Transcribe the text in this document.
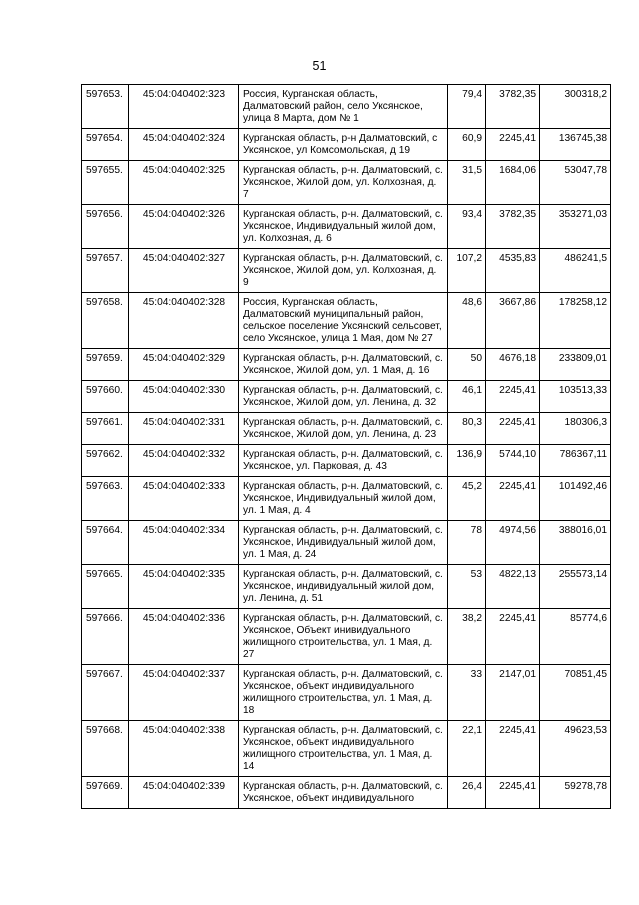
51
597653.	45:04:040402:323	Россия, Курганская область, Далматовский район, село Уксянское, улица 8 Марта, дом № 1	79,4	3782,35	300318,2
597654.	45:04:040402:324	Курганская область, р-н Далматовский, с Уксянское, ул Комсомольская, д 19	60,9	2245,41	136745,38
597655.	45:04:040402:325	Курганская область, р-н. Далматовский, с. Уксянское, Жилой дом, ул. Колхозная, д. 7	31,5	1684,06	53047,78
597656.	45:04:040402:326	Курганская область, р-н. Далматовский, с. Уксянское, Индивидуальный жилой дом, ул. Колхозная, д. 6	93,4	3782,35	353271,03
597657.	45:04:040402:327	Курганская область, р-н. Далматовский, с. Уксянское, Жилой дом, ул. Колхозная, д. 9	107,2	4535,83	486241,5
597658.	45:04:040402:328	Россия, Курганская область, Далматовский муниципальный район, сельское поселение Уксянский сельсовет, село Уксянское, улица 1 Мая, дом № 27	48,6	3667,86	178258,12
597659.	45:04:040402:329	Курганская область, р-н. Далматовский, с. Уксянское, Жилой дом, ул. 1 Мая, д. 16	50	4676,18	233809,01
597660.	45:04:040402:330	Курганская область, р-н. Далматовский, с. Уксянское, Жилой дом, ул. Ленина, д. 32	46,1	2245,41	103513,33
597661.	45:04:040402:331	Курганская область, р-н. Далматовский, с. Уксянское, Жилой дом, ул. Ленина, д. 23	80,3	2245,41	180306,3
597662.	45:04:040402:332	Курганская область, р-н. Далматовский, с. Уксянское, ул. Парковая, д. 43	136,9	5744,10	786367,11
597663.	45:04:040402:333	Курганская область, р-н. Далматовский, с. Уксянское, Индивидуальный жилой дом, ул. 1 Мая, д. 4	45,2	2245,41	101492,46
597664.	45:04:040402:334	Курганская область, р-н. Далматовский, с. Уксянское, Индивидуальный жилой дом, ул. 1 Мая, д. 24	78	4974,56	388016,01
597665.	45:04:040402:335	Курганская область, р-н. Далматовский, с. Уксянское, индивидуальный жилой дом, ул. Ленина, д. 51	53	4822,13	255573,14
597666.	45:04:040402:336	Курганская область, р-н. Далматовский, с. Уксянское, Объект инивидуального жилищного строительства, ул. 1 Мая, д. 27	38,2	2245,41	85774,6
597667.	45:04:040402:337	Курганская область, р-н. Далматовский, с. Уксянское, объект индивидуального жилищного строительства, ул. 1 Мая, д. 18	33	2147,01	70851,45
597668.	45:04:040402:338	Курганская область, р-н. Далматовский, с. Уксянское, объект индивидуального жилищного строительства, ул. 1 Мая, д. 14	22,1	2245,41	49623,53
597669.	45:04:040402:339	Курганская область, р-н. Далматовский, с. Уксянское, объект индивидуального	26,4	2245,41	59278,78
